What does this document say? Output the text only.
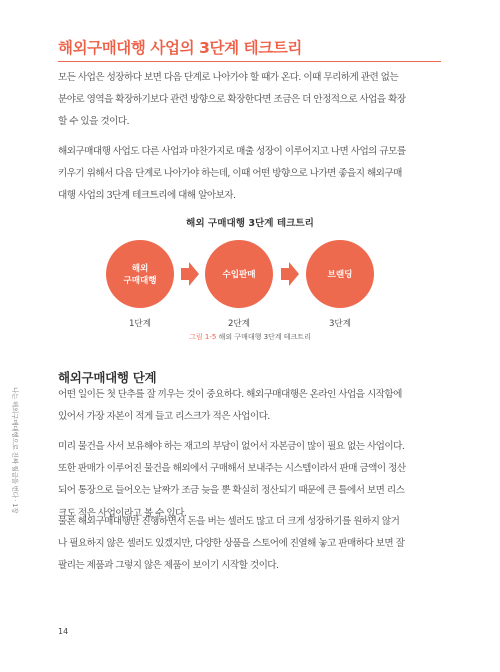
해외구매대행 사업의 3단계 테크트리

모든 사업은 성장하다 보면 다음 단계로 나아가야 할 때가 온다. 이때 무리하게 관련 없는
분야로 영역을 확장하기보다 관련 방향으로 확장한다면 조금은 더 안정적으로 사업을 확장
할 수 있을 것이다.

해외구매대행 사업도 다른 사업과 마찬가지로 매출 성장이 이루어지고 나면 사업의 규모를
키우기 위해서 다음 단계로 나아가야 하는데, 이때 어떤 방향으로 나가면 좋을지 해외구매
대행 사업의 3단계 테크트리에 대해 알아보자.

해외 구매대행 3단계 테크트리

해외
구매대행
수입판매	브랜딩
1단계	2단계	3단계

그림 1-5 해외 구매대행 3단계 테크트리

해외구매대행 단계

어떤 일이든 첫 단추를 잘 끼우는 것이 중요하다. 해외구매대행은 온라인 사업을 시작함에
있어서 가장 자본이 적게 들고 리스크가 적은 사업이다.

미리 물건을 사서 보유해야 하는 재고의 부담이 없어서 자본금이 많이 필요 없는 사업이다.
또한 판매가 이루어진 물건을 해외에서 구매해서 보내주는 시스템이라서 판매 금액이 정산
되어 통장으로 들어오는 날짜가 조금 늦을 뿐 확실히 정산되기 때문에 큰 틀에서 보면 리스
크도 적은 사업이라고 볼 수 있다.

물론 해외구매대행만 진행하면서 돈을 버는 셀러도 많고 더 크게 성장하기를 원하지 않거
나 필요하지 않은 셀러도 있겠지만, 다양한 상품을 스토어에 진열해 놓고 판매하다 보면 잘
팔리는 제품과 그렇지 않은 제품이 보이기 시작할 것이다.

나는 해외구매대행으로 진짜 월급을 번다 · 1장
14
